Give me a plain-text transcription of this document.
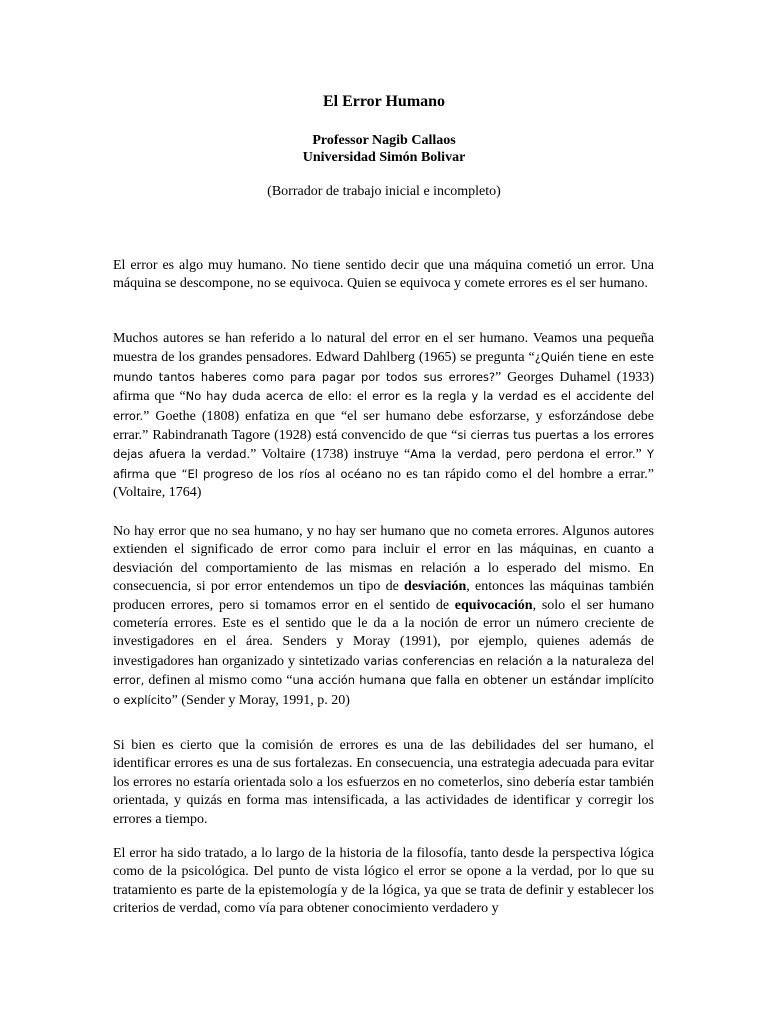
El Error Humano
Professor Nagib Callaos
Universidad Simón Bolivar
(Borrador de trabajo inicial e incompleto)

El error es algo muy humano. No tiene sentido decir que una máquina cometió un error. Una máquina se descompone, no se equivoca. Quien se equivoca y comete errores es el ser humano.

Muchos autores se han referido a lo natural del error en el ser humano. Veamos una pequeña muestra de los grandes pensadores. Edward Dahlberg (1965) se pregunta “¿Quién tiene en este mundo tantos haberes como para pagar por todos sus errores?” Georges Duhamel (1933) afirma que “No hay duda acerca de ello: el error es la regla y la verdad es el accidente del error.” Goethe (1808) enfatiza en que “el ser humano debe esforzarse, y esforzándose debe errar.” Rabindranath Tagore (1928) está convencido de que “si cierras tus puertas a los errores dejas afuera la verdad.” Voltaire (1738) instruye “Ama la verdad, pero perdona el error.” Y afirma que “El progreso de los ríos al océano no es tan rápido como el del hombre a errar.” (Voltaire, 1764)

No hay error que no sea humano, y no hay ser humano que no cometa errores. Algunos autores extienden el significado de error como para incluir el error en las máquinas, en cuanto a desviación del comportamiento de las mismas en relación a lo esperado del mismo. En consecuencia, si por error entendemos un tipo de desviación, entonces las máquinas también producen errores, pero si tomamos error en el sentido de equivocación, solo el ser humano cometería errores. Este es el sentido que le da a la noción de error un número creciente de investigadores en el área. Senders y Moray (1991), por ejemplo, quienes además de investigadores han organizado y sintetizado varias conferencias en relación a la naturaleza del error, definen al mismo como “una acción humana que falla en obtener un estándar implícito o explícito” (Sender y Moray, 1991, p. 20)

Si bien es cierto que la comisión de errores es una de las debilidades del ser humano, el identificar errores es una de sus fortalezas. En consecuencia, una estrategia adecuada para evitar los errores no estaría orientada solo a los esfuerzos en no cometerlos, sino debería estar también orientada, y quizás en forma mas intensificada, a las actividades de identificar y corregir los errores a tiempo.

El error ha sido tratado, a lo largo de la historia de la filosofía, tanto desde la perspectiva lógica como de la psicológica. Del punto de vista lógico el error se opone a la verdad, por lo que su tratamiento es parte de la epistemología y de la lógica, ya que se trata de definir y establecer los criterios de verdad, como vía para obtener conocimiento verdadero y
